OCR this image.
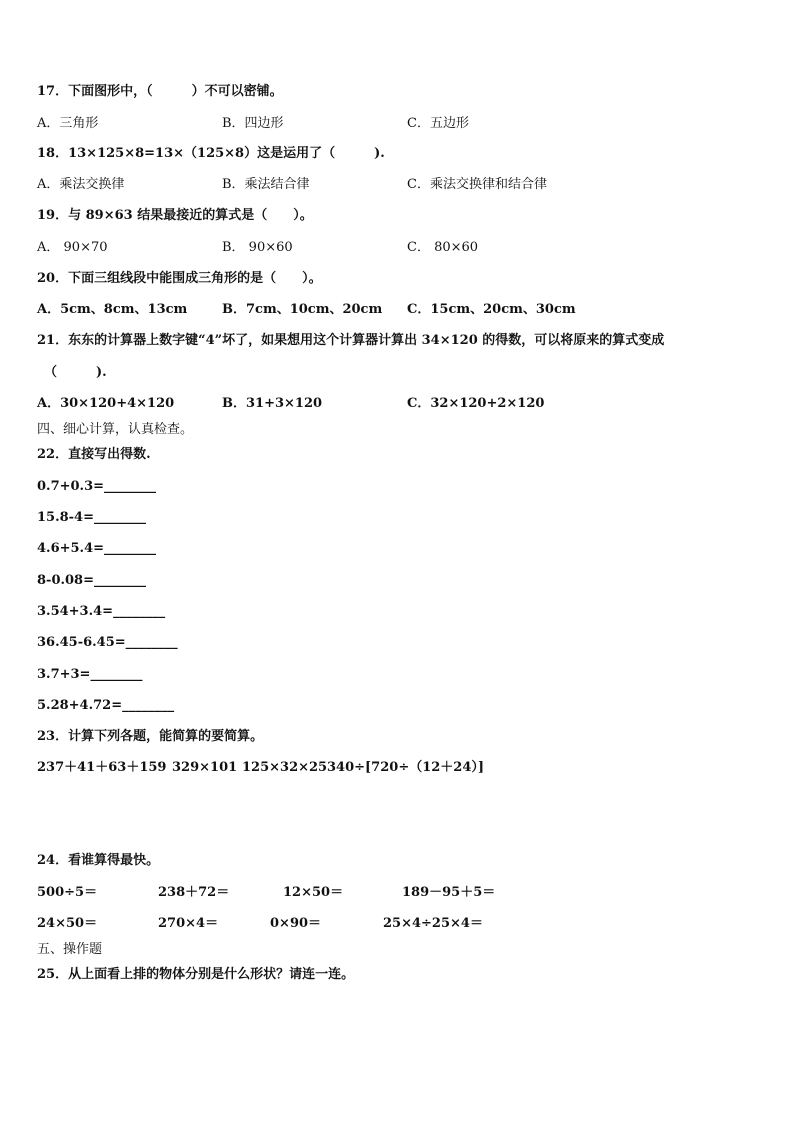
17．下面图形中，（　　　）不可以密铺。
A．三角形	B．四边形	C．五边形
18．13×125×8=13×（125×8）这是运用了（　　　).
A．乘法交换律	B．乘法结合律	C．乘法交换律和结合律
19．与 89×63 结果最接近的算式是（　　）。
A． 90×70	B． 90×60	C． 80×60
20．下面三组线段中能围成三角形的是（　　）。
A．5cm、8cm、13cm	B．7cm、10cm、20cm C．15cm、20cm、30cm
21．东东的计算器上数字键“4”坏了，如果想用这个计算器计算出 34×120 的得数，可以将原来的算式变成
（　　　).
A．30×120+4×120	B．31+3×120	C．32×120+2×120
四、细心计算，认真检查。
22．直接写出得数.
0.7+0.3=________
15.8-4=________
4.6+5.4=________
8-0.08=________
3.54+3.4=________
36.45-6.45=________
3.7+3=________
5.28+4.72=________
23．计算下列各题，能简算的要简算。
237＋41＋63＋159 329×101 125×32×25 340÷[720÷（12＋24）]
24．看谁算得最快。
500÷5＝	238＋72＝	12×50＝	189－95＋5＝
24×50＝	270×4＝	0×90＝	25×4÷25×4＝
五、操作题
25．从上面看上排的物体分别是什么形状？请连一连。
